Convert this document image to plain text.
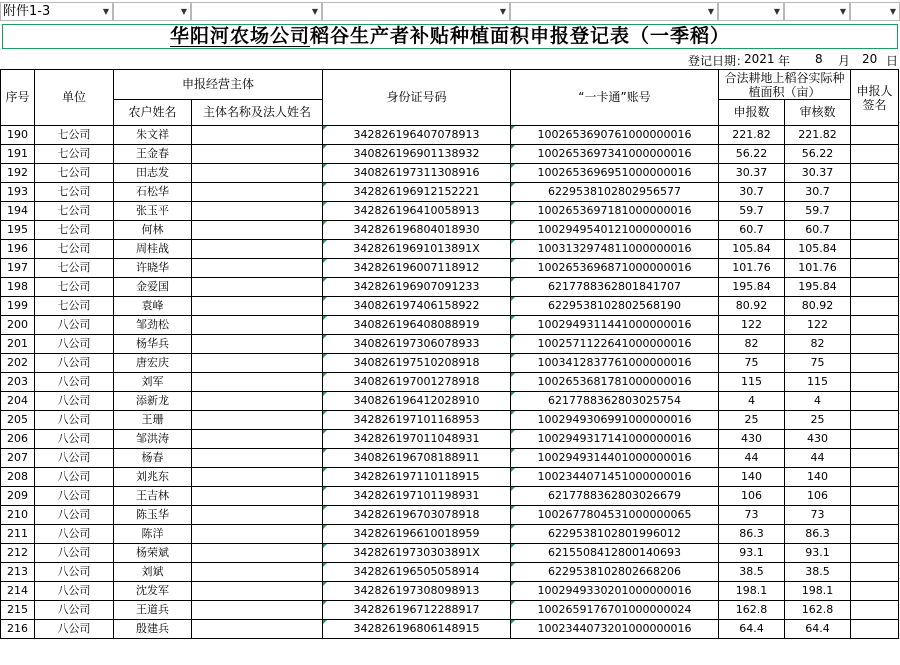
附件1-3	▼	▼	▼	▼	▼	▼	▼	▼
华阳河农场公司稻谷生产者补贴种植面积申报登记表（一季稻）
登记日期：
2021 年 8 月 20 日
序号	单位	申报经营主体		身份证号码	“一卡通”账号	合法耕地上稻谷实际种植面积（亩）		申报人签名
		农户姓名	主体名称及法人姓名			申报数	审核数	
190	七公司	朱文祥		342826196407078913	1002653690761000000016	221.82	221.82	
191	七公司	王金春		340826196901138932	1002653697341000000016	56.22	56.22	
192	七公司	田志发		340826197311308916	1002653696951000000016	30.37	30.37	
193	七公司	石松华		342826196912152221	6229538102802956577	30.7	30.7	
194	七公司	张玉平		342826196410058913	1002653697181000000016	59.7	59.7	
195	七公司	何林		342826196804018930	1002949540121000000016	60.7	60.7	
196	七公司	周桂战		342826196910138​91X	1003132974811000000016	105.84	105.84	
197	七公司	许晓华		342826196007118912	1002653696871000000016	101.76	101.76	
198	七公司	金爱国		342826196907091233	6217788362801841707	195.84	195.84	
199	七公司	袁峰		340826197406158922	6229538102802568190	80.92	80.92	
200	八公司	邹劲松		340826196408088919	1002949311441000000016	122	122	
201	八公司	杨华兵		340826197306078933	1002571122641000000016	82	82	
202	八公司	唐宏庆		340826197510208918	1003412837761000000016	75	75	
203	八公司	刘军		340826197001278918	1002653681781000000016	115	115	
204	八公司	添新龙		340826196412028910	6217788362803025754	4	4	
205	八公司	王珊		342826197101168953	1002949306991000000016	25	25	
206	八公司	邹洪涛		342826197011048931	1002949317141000000016	430	430	
207	八公司	杨春		340826196708188911	1002949314401000000016	44	44	
208	八公司	刘兆东		342826197110118915	1002344071451000000016	140	140	
209	八公司	王吉林		342826197101198931	6217788362803026679	106	106	
210	八公司	陈玉华		342826196703078918	1002677804531000000065	73	73	
211	八公司	陈洋		342826196610018959	6229538102801996012	86.3	86.3	
212	八公司	杨荣斌		34282619730303891X	6215508412800140693	93.1	93.1	
213	八公司	刘斌		342826196505058914	6229538102802668206	38.5	38.5	
214	八公司	沈发军		342826197308098913	1002949330201000000016	198.1	198.1	
215	八公司	王道兵		342826196712288917	1002659176701000000024	162.8	162.8	
216	八公司	殷建兵		342826196806148915	1002344073201000000016	64.4	64.4	
